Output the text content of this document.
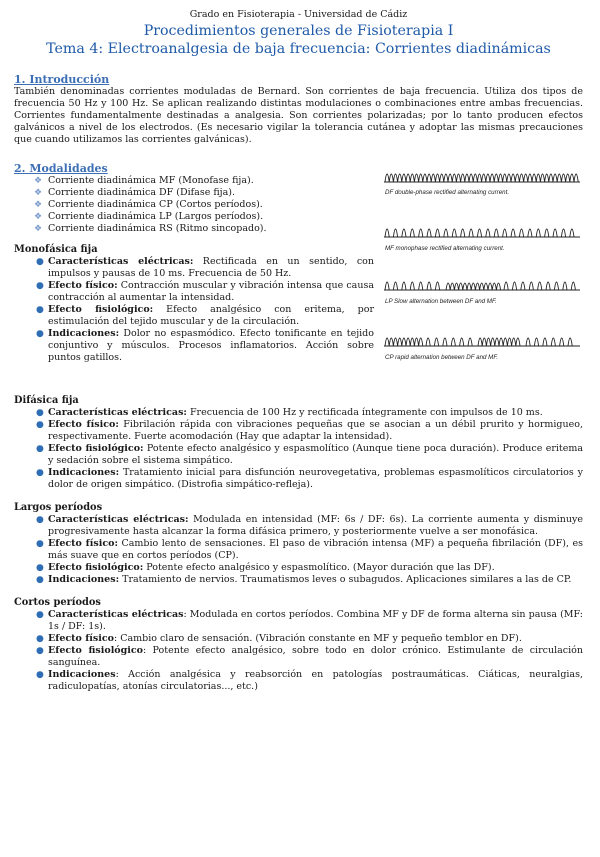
Grado en Fisioterapia - Universidad de Cádiz
Procedimientos generales de Fisioterapia I
Tema 4: Electroanalgesia de baja frecuencia: Corrientes diadinámicas
1. Introducción

También denominadas corrientes moduladas de Bernard. Son corrientes de baja frecuencia. Utiliza dos tipos de frecuencia 50 Hz y 100 Hz. Se aplican realizando distintas modulaciones o combinaciones entre ambas frecuencias. Corrientes fundamentalmente destinadas a analgesia. Son corrientes polarizadas; por lo tanto producen efectos galvánicos a nivel de los electrodos. (Es necesario vigilar la tolerancia cutánea y adoptar las mismas precauciones que cuando utilizamos las corrientes galvánicas).

2. Modalidades
❖ Corriente diadinámica MF (Monofase fija).
❖ Corriente diadinámica DF (Difase fija).
❖ Corriente diadinámica CP (Cortos períodos).
❖ Corriente diadinámica LP (Largos períodos).
❖ Corriente diadinámica RS (Ritmo sincopado).
Monofásica fija
● Características eléctricas: Rectificada en un sentido, con impulsos y pausas de 10 ms. Frecuencia de 50 Hz.
● Efecto físico: Contracción muscular y vibración intensa que causa contracción al aumentar la intensidad.
● Efecto fisiológico: Efecto analgésico con eritema, por estimulación del tejido muscular y de la circulación.
● Indicaciones: Dolor no espasmódico. Efecto tonificante en tejido conjuntivo y músculos. Procesos inflamatorios. Acción sobre puntos gatillos.
DF double-phase rectified alternating current.
MF monophase rectified alternating current.
LP Slow alternation between DF and MF.
CP rapid alternation between DF and MF.
Difásica fija
● Características eléctricas: Frecuencia de 100 Hz y rectificada íntegramente con impulsos de 10 ms.
● Efecto físico: Fibrilación rápida con vibraciones pequeñas que se asocian a un débil prurito y hormigueo, respectivamente. Fuerte acomodación (Hay que adaptar la intensidad).
● Efecto fisiológico: Potente efecto analgésico y espasmolítico (Aunque tiene poca duración). Produce eritema y sedación sobre el sistema simpático.
● Indicaciones: Tratamiento inicial para disfunción neurovegetativa, problemas espasmolíticos circulatorios y dolor de origen simpático. (Distrofia simpático-refleja).
Largos períodos
● Características eléctricas: Modulada en intensidad (MF: 6s / DF: 6s). La corriente aumenta y disminuye progresivamente hasta alcanzar la forma difásica primero, y posteriormente vuelve a ser monofásica.
● Efecto físico: Cambio lento de sensaciones. El paso de vibración intensa (MF) a pequeña fibrilación (DF), es más suave que en cortos períodos (CP).
● Efecto fisiológico: Potente efecto analgésico y espasmolítico. (Mayor duración que las DF).
● Indicaciones: Tratamiento de nervios. Traumatismos leves o subagudos. Aplicaciones similares a las de CP.
Cortos períodos
● Características eléctricas: Modulada en cortos períodos. Combina MF y DF de forma alterna sin pausa (MF: 1s / DF: 1s).
● Efecto físico: Cambio claro de sensación. (Vibración constante en MF y pequeño temblor en DF).
● Efecto fisiológico: Potente efecto analgésico, sobre todo en dolor crónico. Estimulante de circulación sanguínea.
● Indicaciones: Acción analgésica y reabsorción en patologías postraumáticas. Ciáticas, neuralgias, radiculopatías, atonías circulatorias..., etc.)
